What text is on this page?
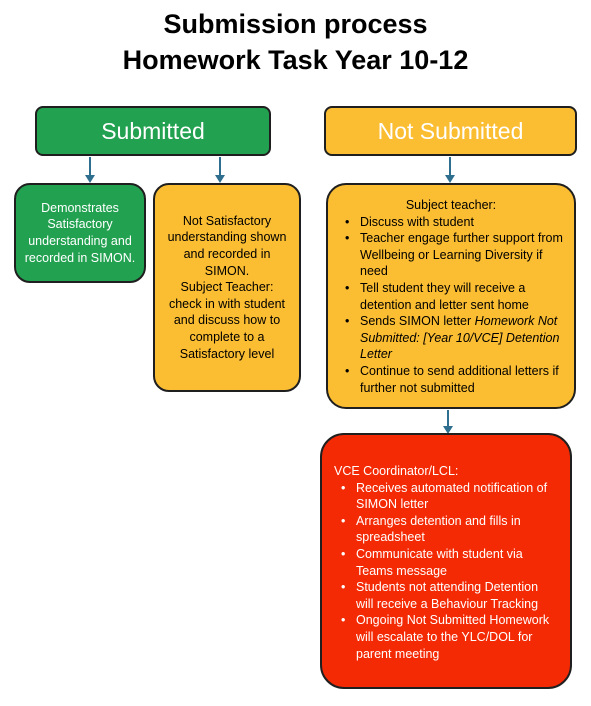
Submission process
Homework Task Year 10-12
Submitted	Not Submitted
Demonstrates Satisfactory understanding and recorded in SIMON.
Not Satisfactory understanding shown and recorded in SIMON.
Subject Teacher: check in with student and discuss how to complete to a Satisfactory level
Subject teacher:
• Discuss with student
• Teacher engage further support from Wellbeing or Learning Diversity if need
• Tell student they will receive a detention and letter sent home
• Sends SIMON letter Homework Not Submitted: [Year 10/VCE] Detention Letter
• Continue to send additional letters if further not submitted
VCE Coordinator/LCL:
• Receives automated notification of SIMON letter
• Arranges detention and fills in spreadsheet
• Communicate with student via Teams message
• Students not attending Detention will receive a Behaviour Tracking
• Ongoing Not Submitted Homework will escalate to the YLC/DOL for parent meeting
